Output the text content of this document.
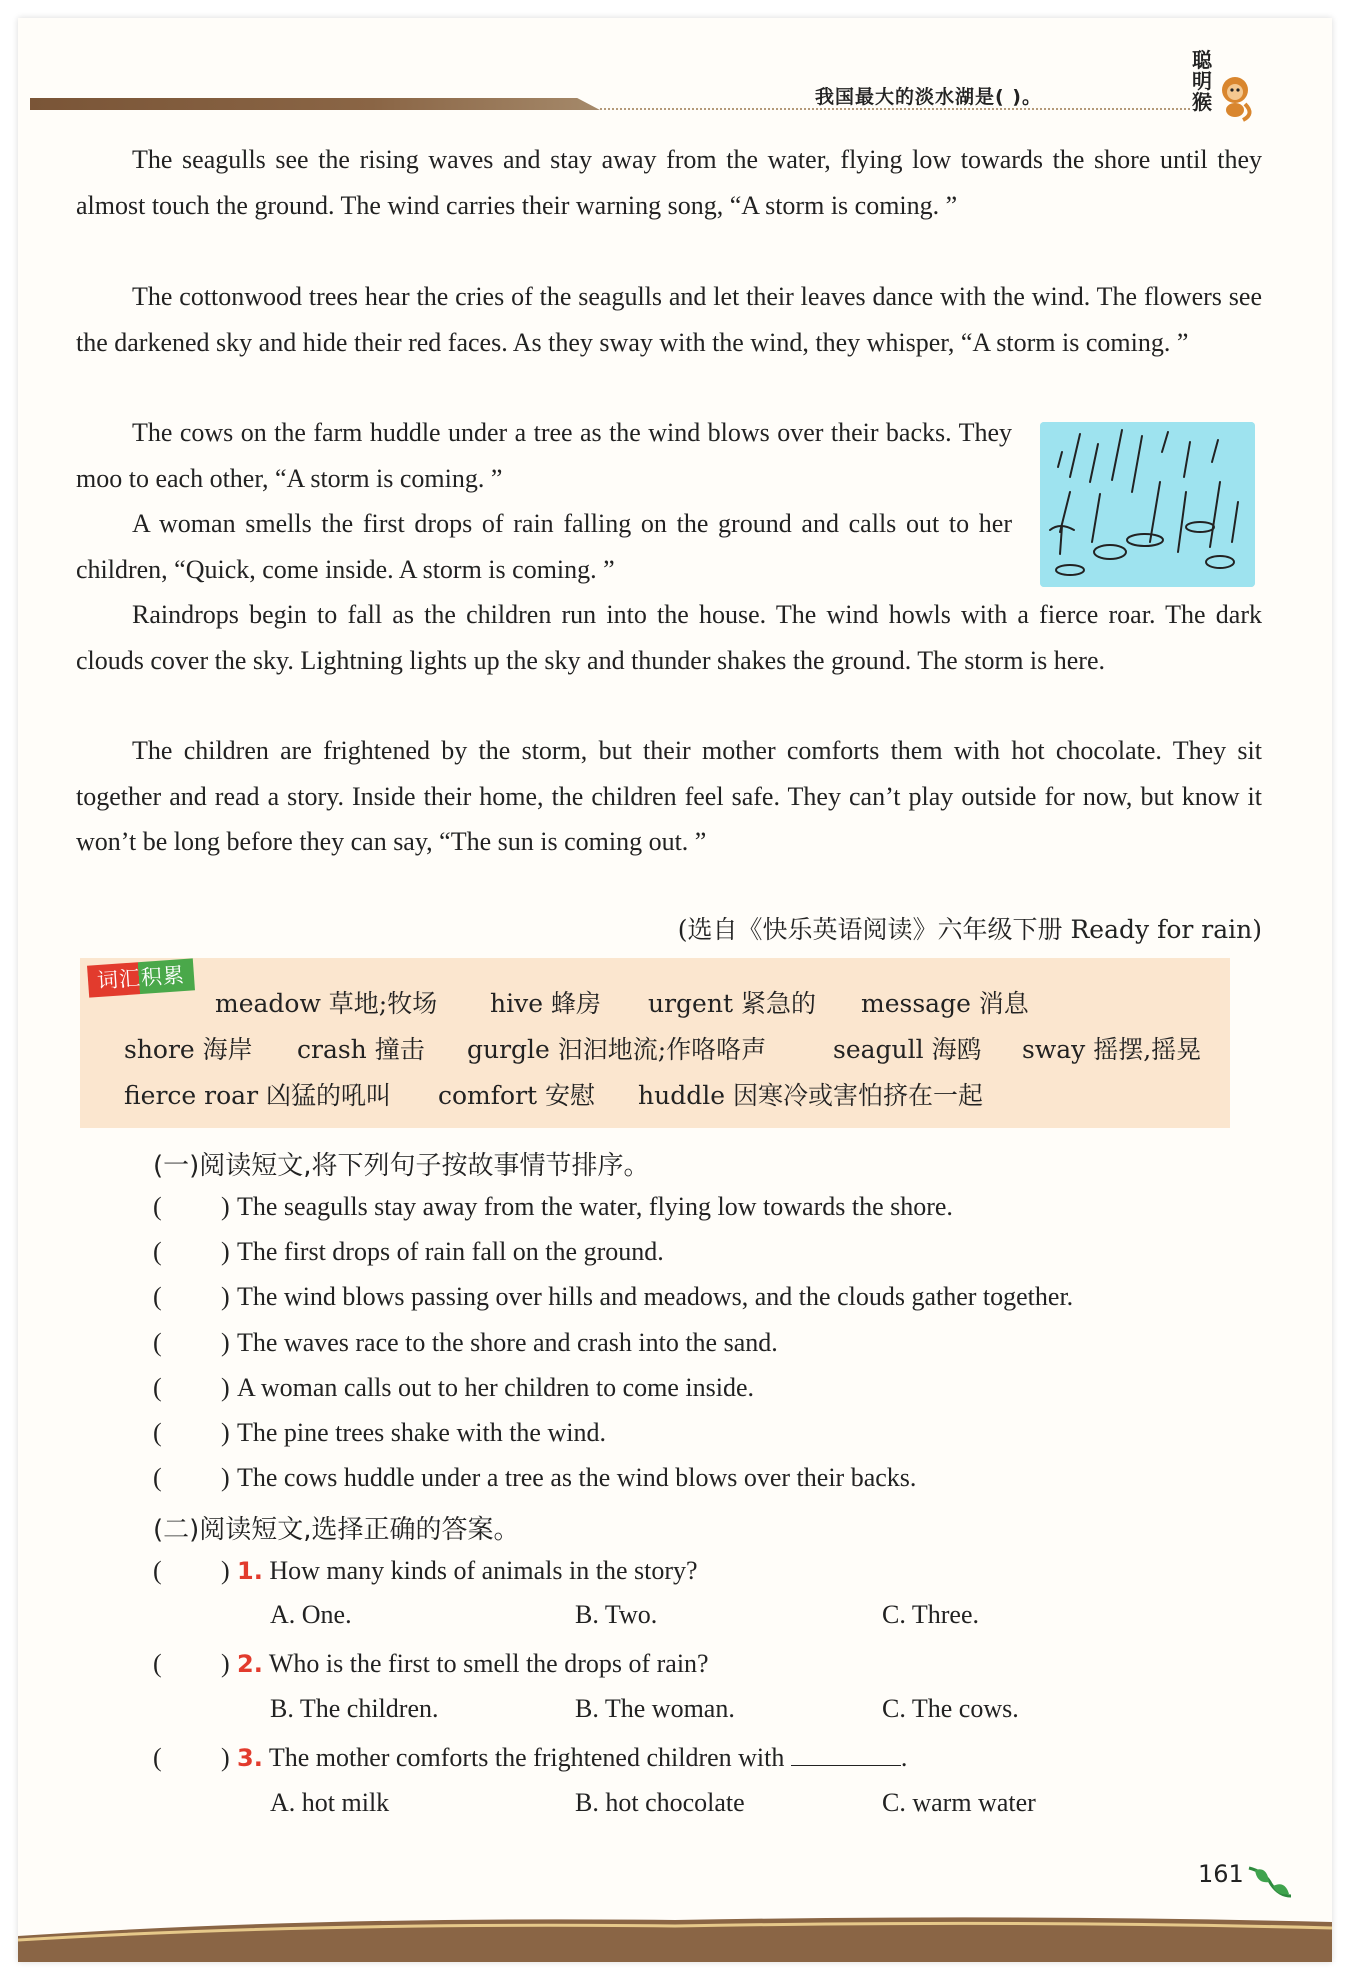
我国最大的淡水湖是( )。
聪明猴

The seagulls see the rising waves and stay away from the water, flying low towards the shore until they almost touch the ground. The wind carries their warning song, “A storm is coming. ”

The cottonwood trees hear the cries of the seagulls and let their leaves dance with the wind. The flowers see the darkened sky and hide their red faces. As they sway with the wind, they whisper, “A storm is coming. ”

The cows on the farm huddle under a tree as the wind blows over their backs. They moo to each other, “A storm is coming. ”

A woman smells the first drops of rain falling on the ground and calls out to her children, “Quick, come inside. A storm is coming. ”

Raindrops begin to fall as the children run into the house. The wind howls with a fierce roar. The dark clouds cover the sky. Lightning lights up the sky and thunder shakes the ground. The storm is here.

The children are frightened by the storm, but their mother comforts them with hot chocolate. They sit together and read a story. Inside their home, the children feel safe. They can’t play outside for now, but know it won’t be long before they can say, “The sun is coming out. ”

(选自《快乐英语阅读》六年级下册 Ready for rain)
词汇积累
meadow 草地;牧场 hive 蜂房 urgent 紧急的 message 消息
shore 海岸 crash 撞击 gurgle 汩汩地流;作咯咯声	seagull 海鸥 sway 摇摆,摇晃
fierce roar 凶猛的吼叫 comfort 安慰 huddle 因寒冷或害怕挤在一起
(一)阅读短文,将下列句子按故事情节排序。
( ) The seagulls stay away from the water, flying low towards the shore.
( ) The first drops of rain fall on the ground.
( ) The wind blows passing over hills and meadows, and the clouds gather together.
( ) The waves race to the shore and crash into the sand.
( ) A woman calls out to her children to come inside.
( ) The pine trees shake with the wind.
( ) The cows huddle under a tree as the wind blows over their backs.
(二)阅读短文,选择正确的答案。
( ) 1. How many kinds of animals in the story?
A. One.	B. Two.	C. Three.
( ) 2. Who is the first to smell the drops of rain?
B. The children.	B. The woman.	C. The cows.
( ) 3. The mother comforts the frightened children with	.
A. hot milk	B. hot chocolate	C. warm water
161
